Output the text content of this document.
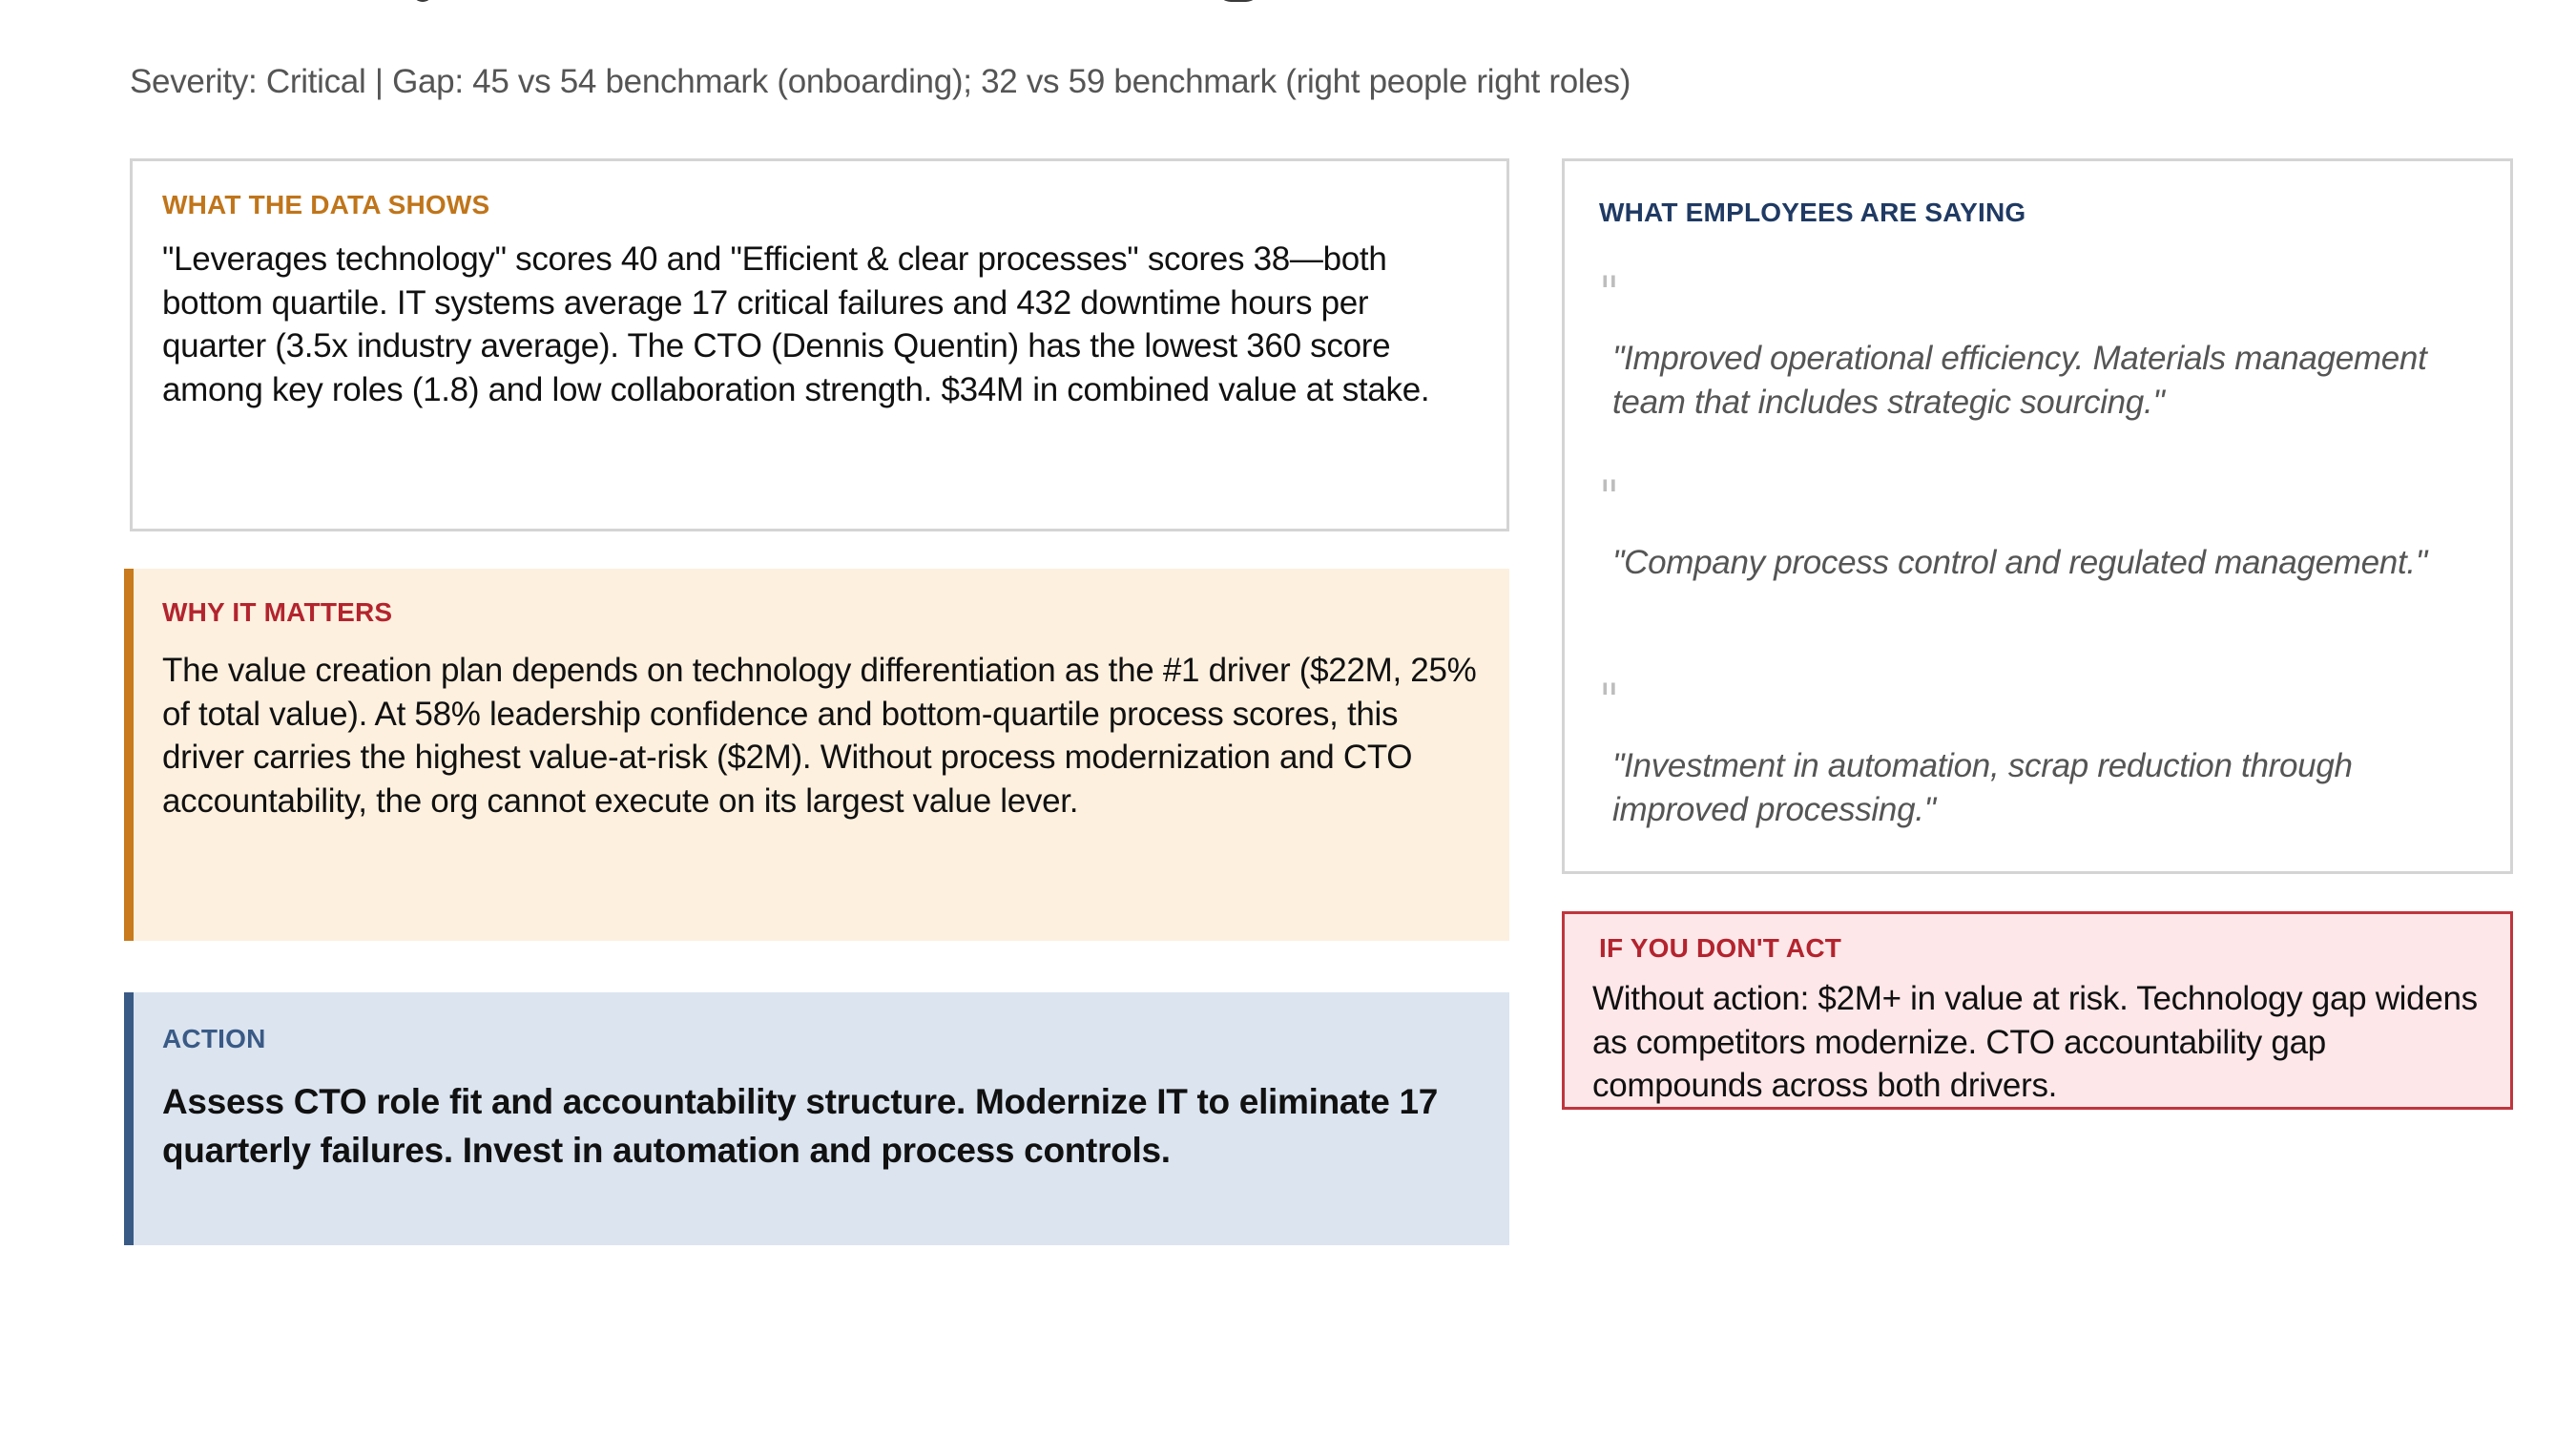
Severity: Critical | Gap: 45 vs 54 benchmark (onboarding); 32 vs 59 benchmark (right people right roles)
WHAT THE DATA SHOWS
"Leverages technology" scores 40 and "Efficient & clear processes" scores 38—both bottom quartile. IT systems average 17 critical failures and 432 downtime hours per quarter (3.5x industry average). The CTO (Dennis Quentin) has the lowest 360 score among key roles (1.8) and low collaboration strength. $34M in combined value at stake.
WHY IT MATTERS
The value creation plan depends on technology differentiation as the #1 driver ($22M, 25% of total value). At 58% leadership confidence and bottom-quartile process scores, this driver carries the highest value-at-risk ($2M). Without process modernization and CTO accountability, the org cannot execute on its largest value lever.
ACTION
Assess CTO role fit and accountability structure. Modernize IT to eliminate 17 quarterly failures. Invest in automation and process controls.
WHAT EMPLOYEES ARE SAYING
"
"Improved operational efficiency. Materials management team that includes strategic sourcing."
"
"Company process control and regulated management."
"
"Investment in automation, scrap reduction through improved processing."
IF YOU DON'T ACT
Without action: $2M+ in value at risk. Technology gap widens as competitors modernize. CTO accountability gap compounds across both drivers.
